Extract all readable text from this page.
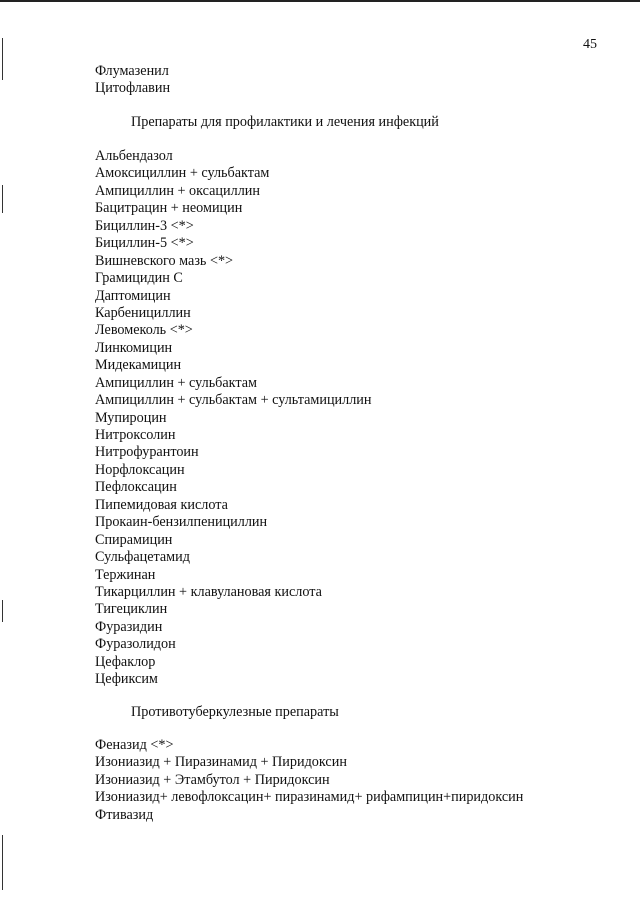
45
Флумазенил
Цитофлавин
Препараты для профилактики и лечения инфекций
Альбендазол
Амоксициллин + сульбактам
Ампициллин + оксациллин
Бацитрацин + неомицин
Бициллин-3 <*>
Бициллин-5 <*>
Вишневского мазь <*>
Грамицидин С
Даптомицин
Карбенициллин
Левомеколь <*>
Линкомицин
Мидекамицин
Ампициллин + сульбактам
Ампициллин + сульбактам + сультамициллин
Мупироцин
Нитроксолин
Нитрофурантоин
Норфлоксацин
Пефлоксацин
Пипемидовая кислота
Прокаин-бензилпенициллин
Спирамицин
Сульфацетамид
Тержинан
Тикарциллин + клавулановая кислота
Тигециклин
Фуразидин
Фуразолидон
Цефаклор
Цефиксим
Противотуберкулезные препараты
Феназид <*>
Изониазид + Пиразинамид + Пиридоксин
Изониазид + Этамбутол + Пиридоксин
Изониазид+ левофлоксацин+ пиразинамид+ рифампицин+пиридоксин
Фтивазид
